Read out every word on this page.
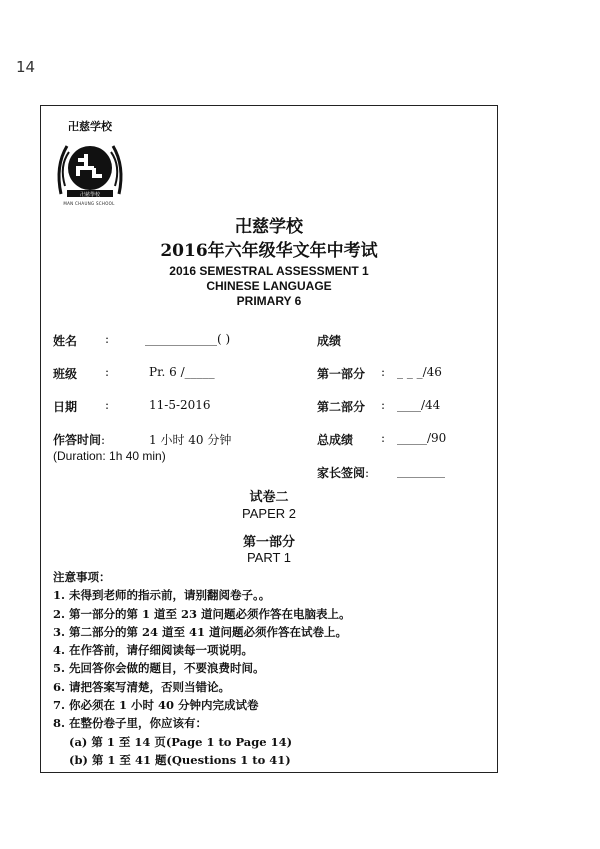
14
卍慈学校
卍慈學校
MAN CHAUNG SCHOOL
卍慈学校
2016年六年级华文年中考试
2016 SEMESTRAL ASSESSMENT 1
CHINESE LANGUAGE
PRIMARY 6
姓名 :	____________( )	成绩
班级 :	Pr. 6 /_____	第一部分 : _ _ _/46
日期 :	11-5-2016	第二部分 : ____/44
作答时间:	1 小时 40 分钟
(Duration: 1h 40 min)
总成绩 : _____/90
家长签阅: ________
试卷二
PAPER 2
第一部分
PART 1
注意事项：
1. 未得到老师的指示前，请别翻阅卷子。。
2. 第一部分的第 1 道至 23 道问题必须作答在电脑表上。
3. 第二部分的第 24 道至 41 道问题必须作答在试卷上。
4. 在作答前，请仔细阅读每一项说明。
5. 先回答你会做的题目，不要浪费时间。
6. 请把答案写清楚，否则当错论。
7. 你必须在 1 小时 40 分钟内完成试卷
8. 在整份卷子里，你应该有：
(a) 第 1 至 14 页(Page 1 to Page 14)
(b) 第 1 至 41 题(Questions 1 to 41)
